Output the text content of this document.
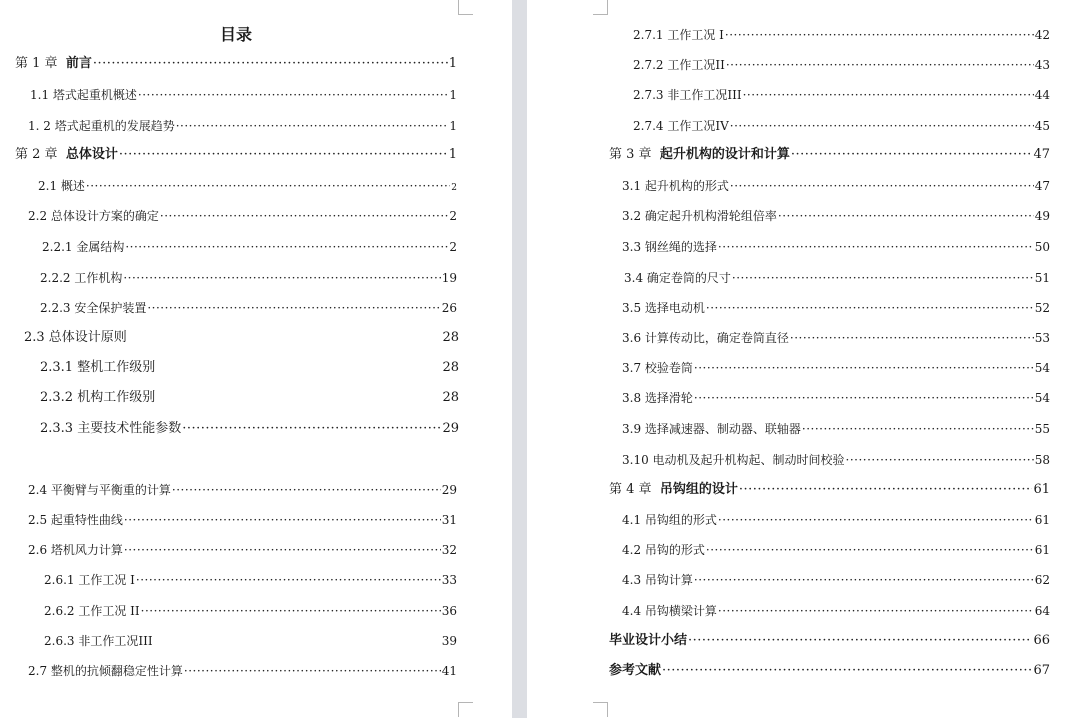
目录
第 1 章 前言 ·····	1
1.1 塔式起重机概述 ·····	1
1. 2 塔式起重机的发展趋势 ·····	1
第 2 章 总体设计 ·····	1
2.1 概述 ·····	2
2.2 总体设计方案的确定 ·····	2
2.2.1 金属结构 ·····	2
2.2.2 工作机构 ·····	19
2.2.3 安全保护装置 ·····	26
2.3 总体设计原则	28
2.3.1 整机工作级别	28
2.3.2 机构工作级别	28
2.3.3 主要技术性能参数 ·····	29
2.4 平衡臂与平衡重的计算 ·····	29
2.5 起重特性曲线 ·····	31
2.6 塔机风力计算 ·····	32
2.6.1 工作工况 I ·····	33
2.6.2 工作工况 II ·····	36
2.6.3 非工作工况III	39
2.7 整机的抗倾翻稳定性计算 ·····	41
2.7.1 工作工况 I ·····	42
2.7.2 工作工况II ·····	43
2.7.3 非工作工况III ·····	44
2.7.4 工作工况IV ·····	45
第 3 章 起升机构的设计和计算 ·····	47
3.1 起升机构的形式 ·····	47
3.2 确定起升机构滑轮组倍率 ·····	49
3.3 钢丝绳的选择 ·····	50
3.4 确定卷筒的尺寸 ·····	51
3.5 选择电动机 ·····	52
3.6 计算传动比，确定卷筒直径 ·····	53
3.7 校验卷筒 ·····	54
3.8 选择滑轮 ·····	54
3.9 选择减速器、制动器、联轴器 ·····	55
3.10 电动机及起升机构起、制动时间校验 ·····	58
第 4 章 吊钩组的设计 ·····	61
4.1 吊钩组的形式 ·····	61
4.2 吊钩的形式 ·····	61
4.3 吊钩计算 ·····	62
4.4 吊钩横梁计算 ·····	64
毕业设计小结 ·····	66
参考文献 ·····	67
